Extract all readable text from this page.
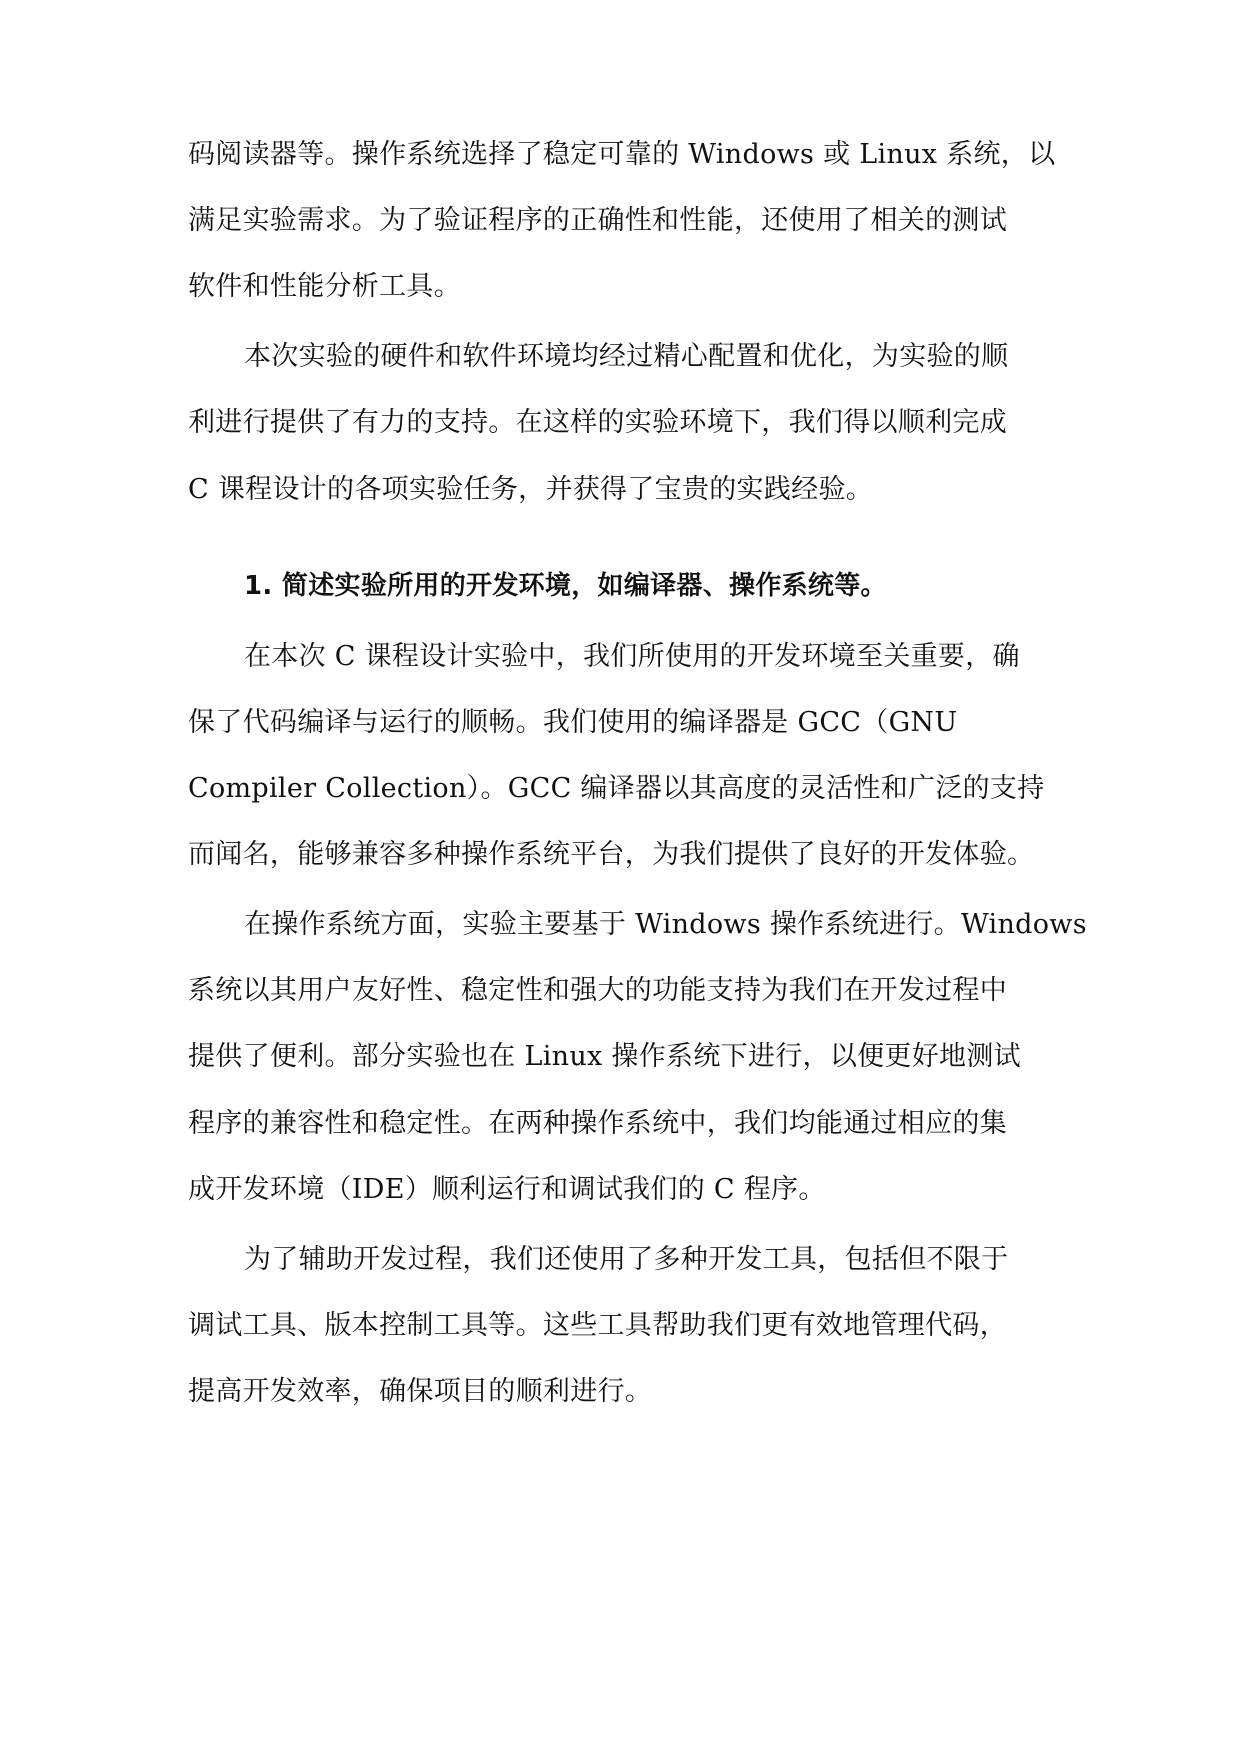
码阅读器等。操作系统选择了稳定可靠的 Windows 或 Linux 系统，以
满足实验需求。为了验证程序的正确性和性能，还使用了相关的测试
软件和性能分析工具。
本次实验的硬件和软件环境均经过精心配置和优化，为实验的顺
利进行提供了有力的支持。在这样的实验环境下，我们得以顺利完成
C 课程设计的各项实验任务，并获得了宝贵的实践经验。
1. 简述实验所用的开发环境，如编译器、操作系统等。
在本次 C 课程设计实验中，我们所使用的开发环境至关重要，确
保了代码编译与运行的顺畅。我们使用的编译器是 GCC（GNU
Compiler Collection）。GCC 编译器以其高度的灵活性和广泛的支持
而闻名，能够兼容多种操作系统平台，为我们提供了良好的开发体验。
在操作系统方面，实验主要基于 Windows 操作系统进行。Windows
系统以其用户友好性、稳定性和强大的功能支持为我们在开发过程中
提供了便利。部分实验也在 Linux 操作系统下进行，以便更好地测试
程序的兼容性和稳定性。在两种操作系统中，我们均能通过相应的集
成开发环境（IDE）顺利运行和调试我们的 C 程序。
为了辅助开发过程，我们还使用了多种开发工具，包括但不限于
调试工具、版本控制工具等。这些工具帮助我们更有效地管理代码，
提高开发效率，确保项目的顺利进行。
